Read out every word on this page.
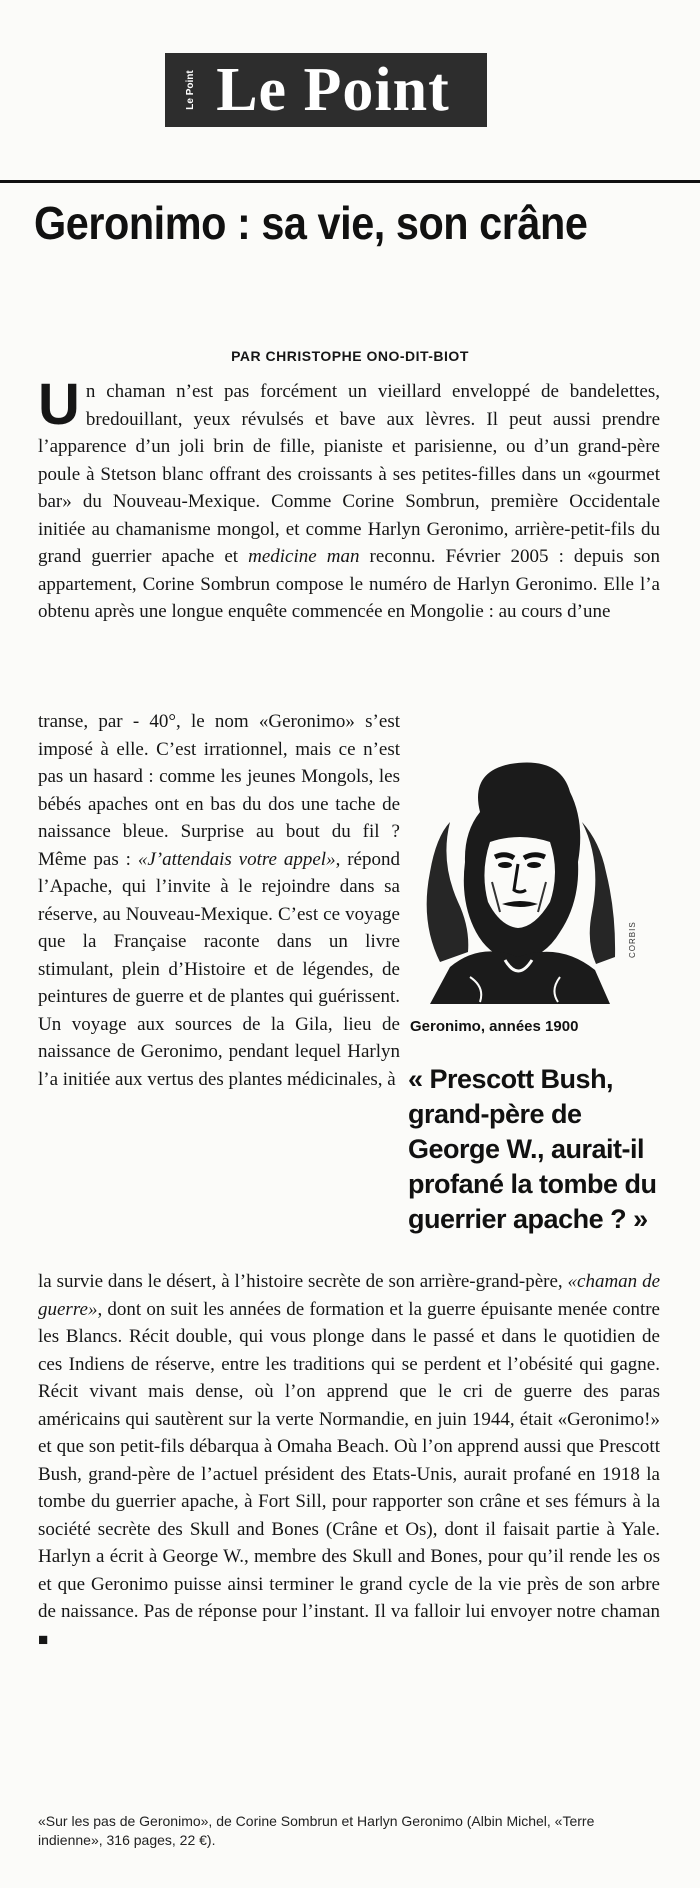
Le Point Le Point
Geronimo : sa vie, son crâne
PAR CHRISTOPHE ONO-DIT-BIOT

Un chaman n’est pas forcément un vieillard enveloppé de bandelettes, bredouillant, yeux révulsés et bave aux lèvres. Il peut aussi prendre l’apparence d’un joli brin de fille, pianiste et parisienne, ou d’un grand-père poule à Stetson blanc offrant des croissants à ses petites-filles dans un «gourmet bar» du Nouveau-Mexique. Comme Corine Sombrun, première Occidentale initiée au chamanisme mongol, et comme Harlyn Geronimo, arrière-petit-fils du grand guerrier apache et medicine man reconnu. Février 2005 : depuis son appartement, Corine Sombrun compose le numéro de Harlyn Geronimo. Elle l’a obtenu après une longue enquête commencée en Mongolie : au cours d’une

transe, par - 40°, le nom «Geronimo» s’est imposé à elle. C’est irrationnel, mais ce n’est pas un hasard : comme les jeunes Mongols, les bébés apaches ont en bas du dos une tache de naissance bleue. Surprise au bout du fil ? Même pas : «J’attendais votre appel», répond l’Apache, qui l’invite à le rejoindre dans sa réserve, au Nouveau-Mexique. C’est ce voyage que la Française raconte dans un livre stimulant, plein d’Histoire et de légendes, de peintures de guerre et de plantes qui guérissent. Un voyage aux sources de la Gila, lieu de naissance de Geronimo, pendant lequel Harlyn l’a initiée aux vertus des plantes médicinales, à

CORBIS
Geronimo, années 1900
« Prescott Bush, grand-père de George W., aurait-il profané la tombe du guerrier apache ? »

la survie dans le désert, à l’histoire secrète de son arrière-grand-père, «chaman de guerre», dont on suit les années de formation et la guerre épuisante menée contre les Blancs. Récit double, qui vous plonge dans le passé et dans le quotidien de ces Indiens de réserve, entre les traditions qui se perdent et l’obésité qui gagne. Récit vivant mais dense, où l’on apprend que le cri de guerre des paras américains qui sautèrent sur la verte Normandie, en juin 1944, était «Geronimo!» et que son petit-fils débarqua à Omaha Beach. Où l’on apprend aussi que Prescott Bush, grand-père de l’actuel président des Etats-Unis, aurait profané en 1918 la tombe du guerrier apache, à Fort Sill, pour rapporter son crâne et ses fémurs à la société secrète des Skull and Bones (Crâne et Os), dont il faisait partie à Yale. Harlyn a écrit à George W., membre des Skull and Bones, pour qu’il rende les os et que Geronimo puisse ainsi terminer le grand cycle de la vie près de son arbre de naissance. Pas de réponse pour l’instant. Il va falloir lui envoyer notre chaman ■

«Sur les pas de Geronimo», de Corine Sombrun et Harlyn Geronimo (Albin Michel, «Terre indienne», 316 pages, 22 €).
